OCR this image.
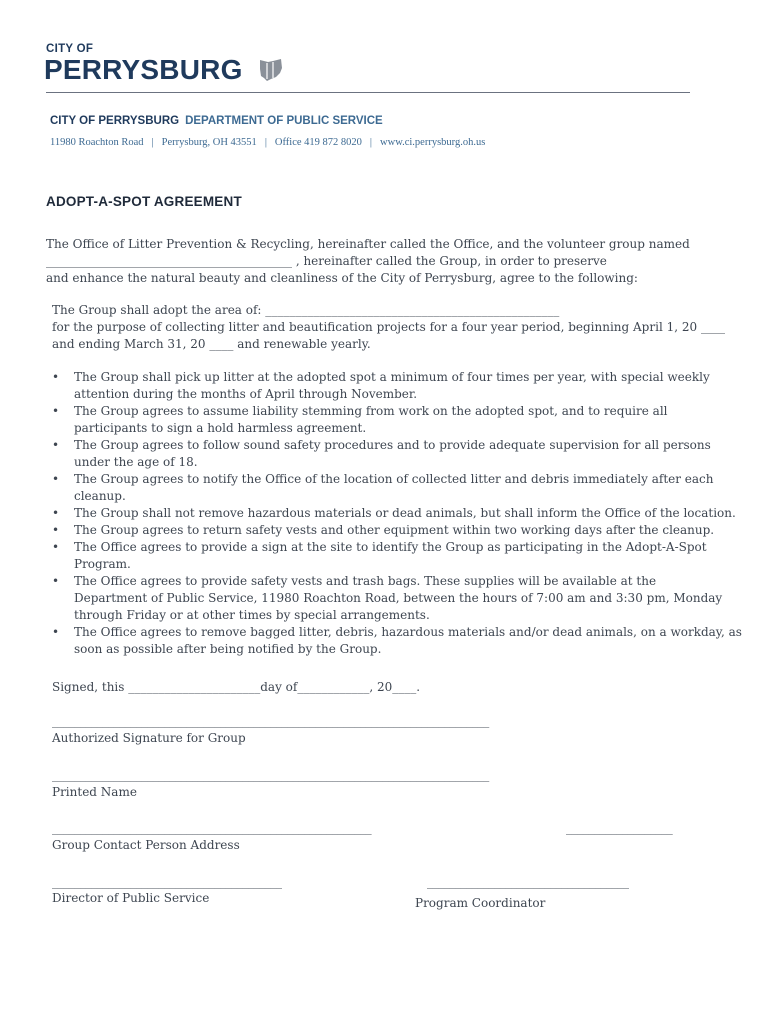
CITY OF
PERRYSBURG
CITY OF PERRYSBURG DEPARTMENT OF PUBLIC SERVICE
11980 Roachton Road | Perrysburg, OH 43551 | Office 419 872 8020 | www.ci.perrysburg.oh.us
ADOPT-A-SPOT AGREEMENT
The Office of Litter Prevention & Recycling, hereinafter called the Office, and the volunteer group named
_________________________________________ , hereinafter called the Group, in order to preserve
and enhance the natural beauty and cleanliness of the City of Perrysburg, agree to the following:
The Group shall adopt the area of: _________________________________________________
for the purpose of collecting litter and beautification projects for a four year period, beginning April 1, 20 ____
and ending March 31, 20 ____ and renewable yearly.
• The Group shall pick up litter at the adopted spot a minimum of four times per year, with special weekly
attention during the months of April through November.
• The Group agrees to assume liability stemming from work on the adopted spot, and to require all
participants to sign a hold harmless agreement.
• The Group agrees to follow sound safety procedures and to provide adequate supervision for all persons
under the age of 18.
• The Group agrees to notify the Office of the location of collected litter and debris immediately after each
cleanup.
• The Group shall not remove hazardous materials or dead animals, but shall inform the Office of the location.
• The Group agrees to return safety vests and other equipment within two working days after the cleanup.
• The Office agrees to provide a sign at the site to identify the Group as participating in the Adopt-A-Spot
Program.
• The Office agrees to provide safety vests and trash bags. These supplies will be available at the
Department of Public Service, 11980 Roachton Road, between the hours of 7:00 am and 3:30 pm, Monday
through Friday or at other times by special arrangements.
• The Office agrees to remove bagged litter, debris, hazardous materials and/or dead animals, on a workday, as
soon as possible after being notified by the Group.
Signed, this ______________________day of____________, 20____.
______________________________________________________________________________
Authorized Signature for Group
______________________________________________________________________________
Printed Name
_________________________________________________________	___________________
Group Contact Person Address
_________________________________________	____________________________________
Director of Public Service	Program Coordinator
